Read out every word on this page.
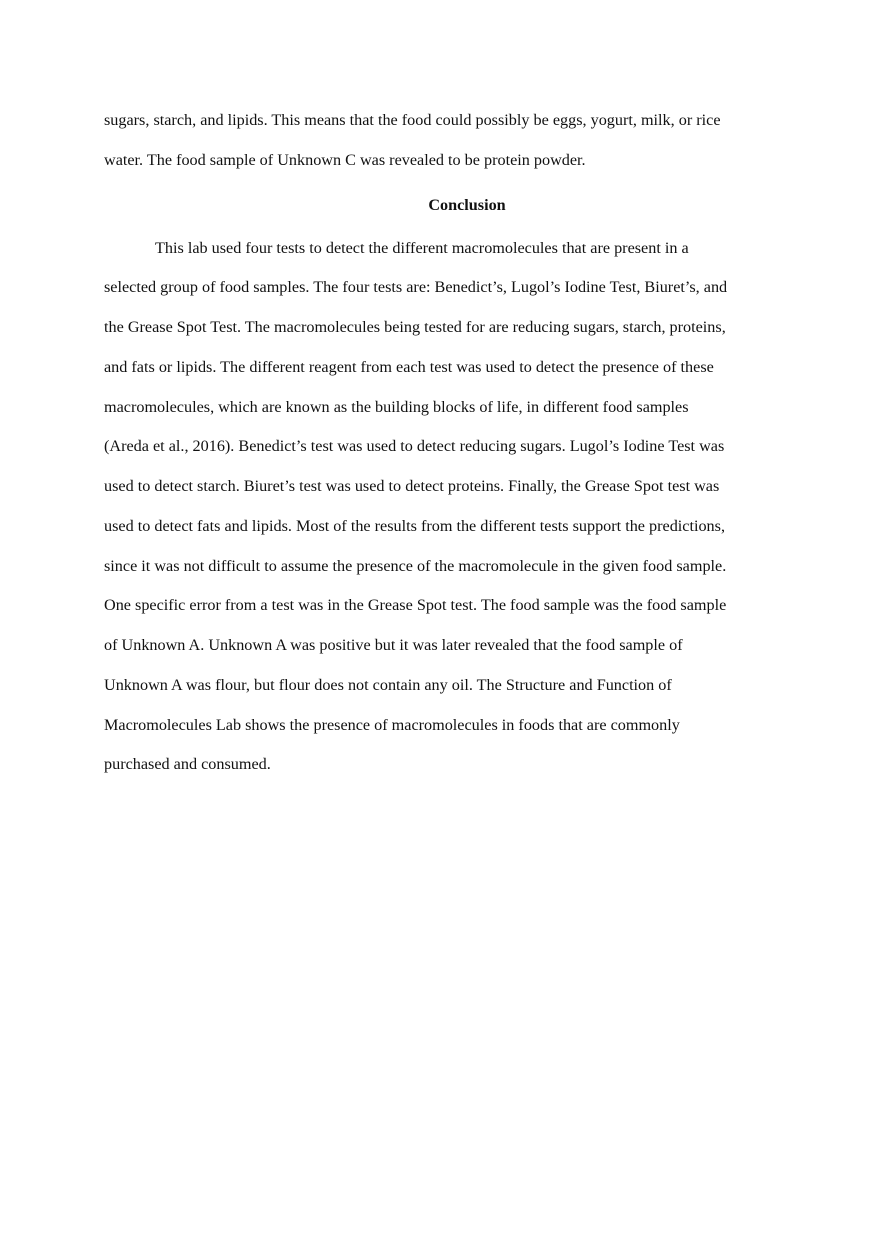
sugars, starch, and lipids. This means that the food could possibly be eggs, yogurt, milk, or rice
water. The food sample of Unknown C was revealed to be protein powder.
Conclusion
This lab used four tests to detect the different macromolecules that are present in a
selected group of food samples. The four tests are: Benedict’s, Lugol’s Iodine Test, Biuret’s, and
the Grease Spot Test. The macromolecules being tested for are reducing sugars, starch, proteins,
and fats or lipids. The different reagent from each test was used to detect the presence of these
macromolecules, which are known as the building blocks of life, in different food samples
(Areda et al., 2016). Benedict’s test was used to detect reducing sugars. Lugol’s Iodine Test was
used to detect starch. Biuret’s test was used to detect proteins. Finally, the Grease Spot test was
used to detect fats and lipids. Most of the results from the different tests support the predictions,
since it was not difficult to assume the presence of the macromolecule in the given food sample.
One specific error from a test was in the Grease Spot test. The food sample was the food sample
of Unknown A. Unknown A was positive but it was later revealed that the food sample of
Unknown A was flour, but flour does not contain any oil. The Structure and Function of
Macromolecules Lab shows the presence of macromolecules in foods that are commonly
purchased and consumed.
